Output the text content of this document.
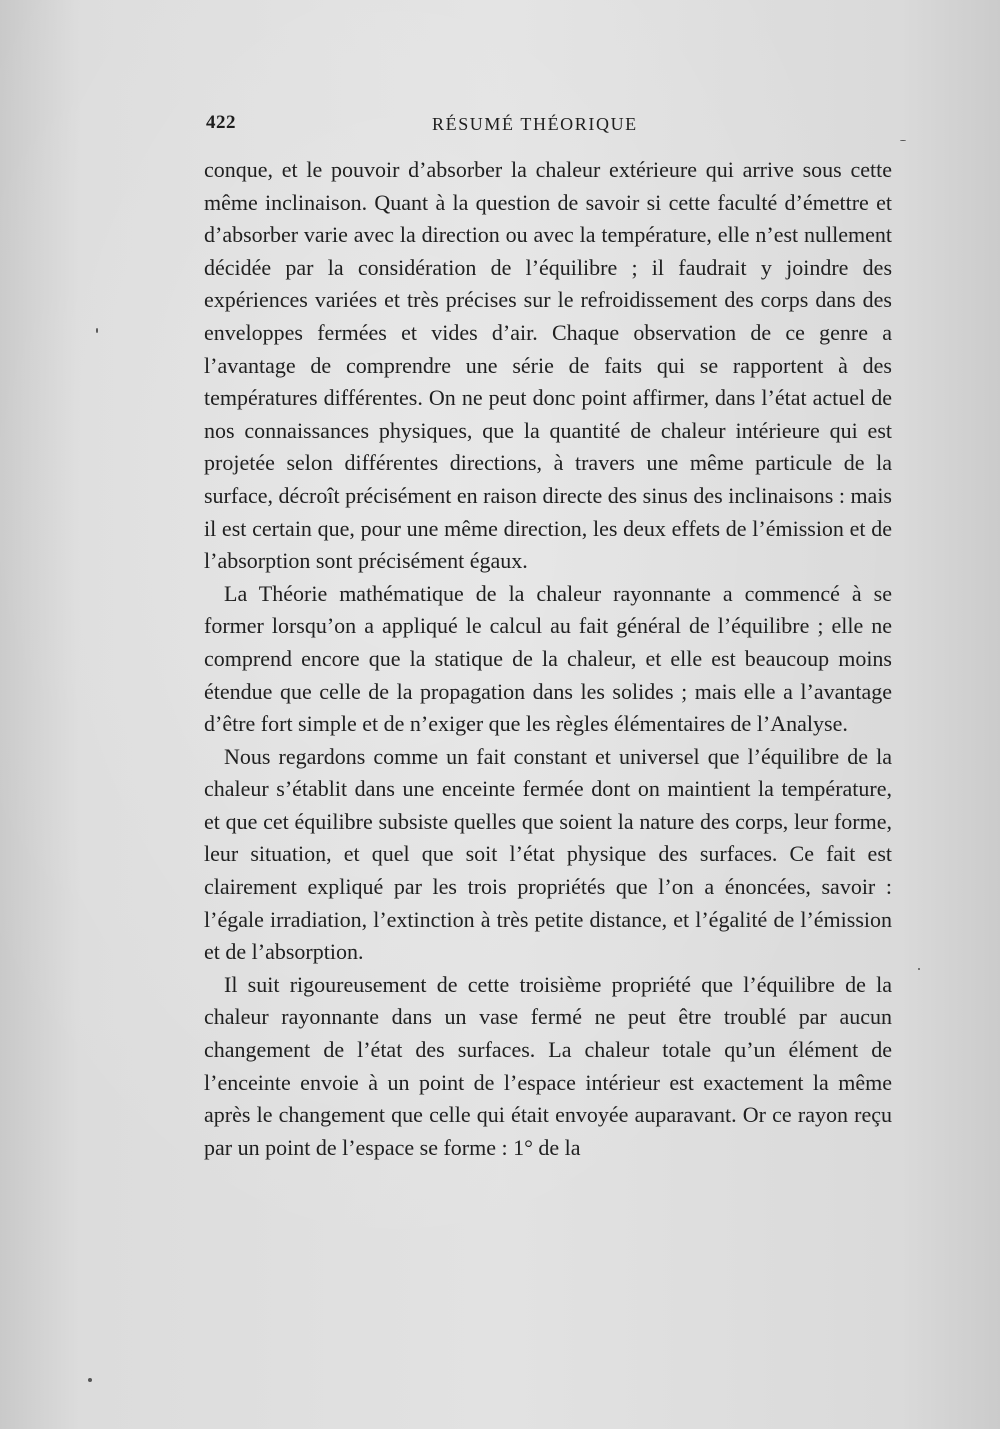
422	RÉSUMÉ THÉORIQUE

conque, et le pouvoir d’absorber la chaleur extérieure qui arrive sous cette même inclinaison. Quant à la question de savoir si cette faculté d’émettre et d’absorber varie avec la direction ou avec la température, elle n’est nullement décidée par la considération de l’équilibre ; il faudrait y joindre des expériences variées et très précises sur le refroidissement des corps dans des enveloppes fermées et vides d’air. Chaque observation de ce genre a l’avantage de comprendre une série de faits qui se rapportent à des températures différentes. On ne peut donc point affirmer, dans l’état actuel de nos connaissances physiques, que la quantité de chaleur intérieure qui est projetée selon différentes directions, à travers une même particule de la surface, décroît précisément en raison directe des sinus des inclinaisons : mais il est certain que, pour une même direction, les deux effets de l’émission et de l’absorption sont précisément égaux.

La Théorie mathématique de la chaleur rayonnante a commencé à se former lorsqu’on a appliqué le calcul au fait général de l’équilibre ; elle ne comprend encore que la statique de la chaleur, et elle est beaucoup moins étendue que celle de la propagation dans les solides ; mais elle a l’avantage d’être fort simple et de n’exiger que les règles élémentaires de l’Analyse.

Nous regardons comme un fait constant et universel que l’équilibre de la chaleur s’établit dans une enceinte fermée dont on maintient la température, et que cet équilibre subsiste quelles que soient la nature des corps, leur forme, leur situation, et quel que soit l’état physique des surfaces. Ce fait est clairement expliqué par les trois propriétés que l’on a énoncées, savoir : l’égale irradiation, l’extinction à très petite distance, et l’égalité de l’émission et de l’absorption.

Il suit rigoureusement de cette troisième propriété que l’équilibre de la chaleur rayonnante dans un vase fermé ne peut être troublé par aucun changement de l’état des surfaces. La chaleur totale qu’un élément de l’enceinte envoie à un point de l’espace intérieur est exactement la même après le changement que celle qui était envoyée auparavant. Or ce rayon reçu par un point de l’espace se forme : 1° de la
